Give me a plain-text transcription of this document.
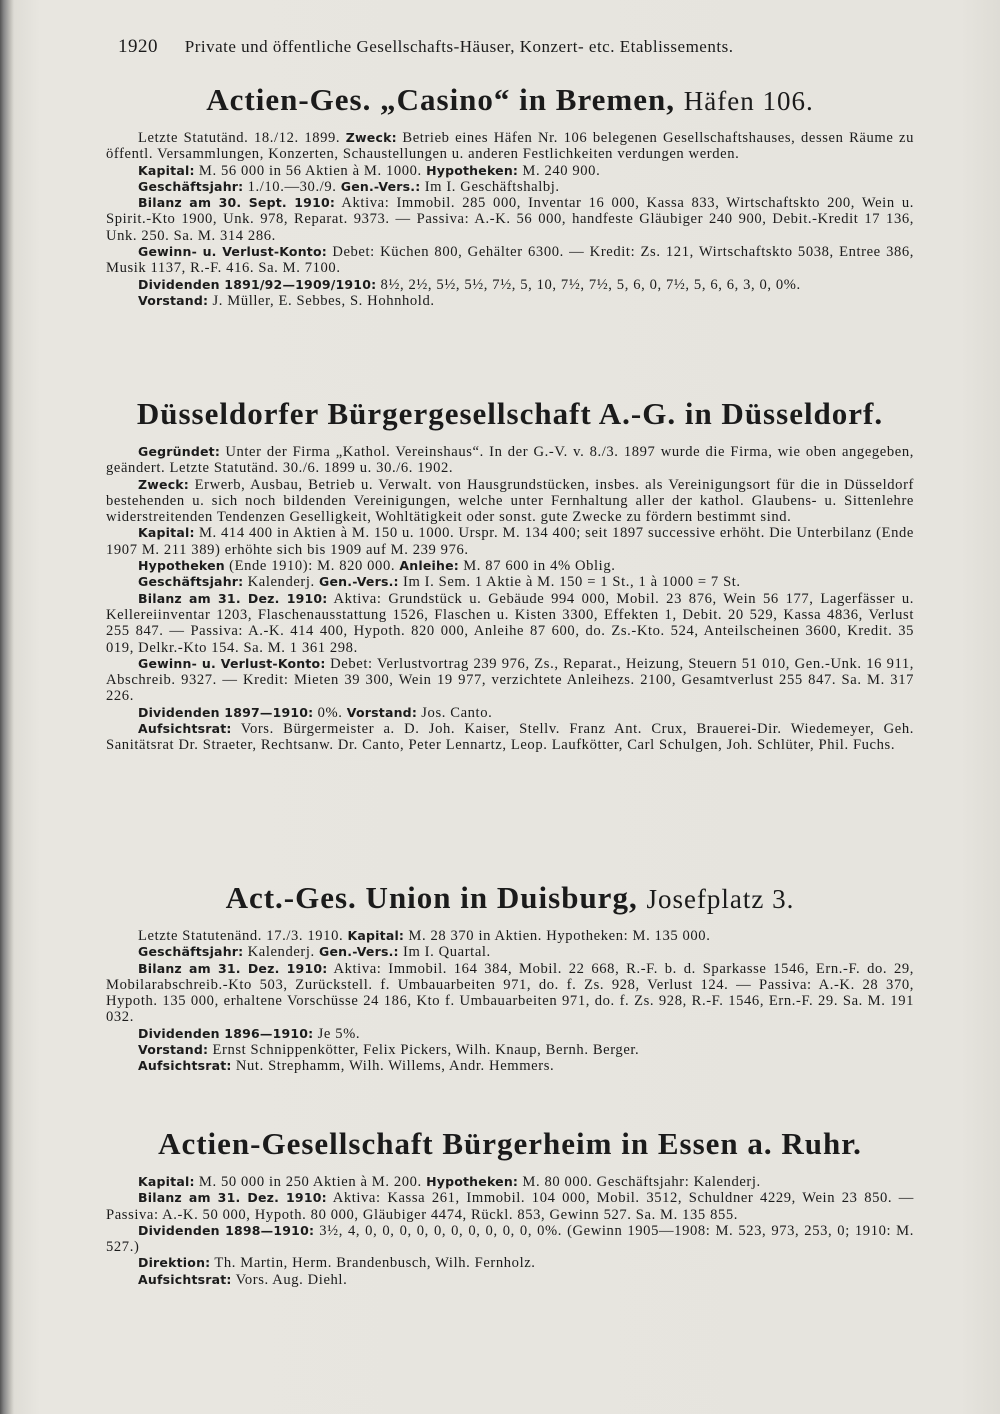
1920 Private und öffentliche Gesellschafts-Häuser, Konzert- etc. Etablissements.
Actien-Ges. „Casino“ in Bremen, Häfen 106.

Letzte Statutänd. 18./12. 1899. Zweck: Betrieb eines Häfen Nr. 106 belegenen Gesellschaftshauses, dessen Räume zu öffentl. Versammlungen, Konzerten, Schaustellungen u. anderen Festlichkeiten verdungen werden.

Kapital: M. 56 000 in 56 Aktien à M. 1000. Hypotheken: M. 240 900.

Geschäftsjahr: 1./10.—30./9. Gen.-Vers.: Im I. Geschäftshalbj.

Bilanz am 30. Sept. 1910: Aktiva: Immobil. 285 000, Inventar 16 000, Kassa 833, Wirtschaftskto 200, Wein u. Spirit.-Kto 1900, Unk. 978, Reparat. 9373. — Passiva: A.-K. 56 000, handfeste Gläubiger 240 900, Debit.-Kredit 17 136, Unk. 250. Sa. M. 314 286.

Gewinn- u. Verlust-Konto: Debet: Küchen 800, Gehälter 6300. — Kredit: Zs. 121, Wirtschaftskto 5038, Entree 386, Musik 1137, R.-F. 416. Sa. M. 7100.

Dividenden 1891/92—1909/1910: 8½, 2½, 5½, 5½, 7½, 5, 10, 7½, 7½, 5, 6, 0, 7½, 5, 6, 6, 3, 0, 0%.

Vorstand: J. Müller, E. Sebbes, S. Hohnhold.

Düsseldorfer Bürgergesellschaft A.-G. in Düsseldorf.

Gegründet: Unter der Firma „Kathol. Vereinshaus“. In der G.-V. v. 8./3. 1897 wurde die Firma, wie oben angegeben, geändert. Letzte Statutänd. 30./6. 1899 u. 30./6. 1902.

Zweck: Erwerb, Ausbau, Betrieb u. Verwalt. von Hausgrundstücken, insbes. als Vereinigungsort für die in Düsseldorf bestehenden u. sich noch bildenden Vereinigungen, welche unter Fernhaltung aller der kathol. Glaubens- u. Sittenlehre widerstreitenden Tendenzen Geselligkeit, Wohltätigkeit oder sonst. gute Zwecke zu fördern bestimmt sind.

Kapital: M. 414 400 in Aktien à M. 150 u. 1000. Urspr. M. 134 400; seit 1897 successive erhöht. Die Unterbilanz (Ende 1907 M. 211 389) erhöhte sich bis 1909 auf M. 239 976.

Hypotheken (Ende 1910): M. 820 000. Anleihe: M. 87 600 in 4% Oblig.

Geschäftsjahr: Kalenderj. Gen.-Vers.: Im I. Sem. 1 Aktie à M. 150 = 1 St., 1 à 1000 = 7 St.

Bilanz am 31. Dez. 1910: Aktiva: Grundstück u. Gebäude 994 000, Mobil. 23 876, Wein 56 177, Lagerfässer u. Kellereiinventar 1203, Flaschenausstattung 1526, Flaschen u. Kisten 3300, Effekten 1, Debit. 20 529, Kassa 4836, Verlust 255 847. — Passiva: A.-K. 414 400, Hypoth. 820 000, Anleihe 87 600, do. Zs.-Kto. 524, Anteilscheinen 3600, Kredit. 35 019, Delkr.-Kto 154. Sa. M. 1 361 298.

Gewinn- u. Verlust-Konto: Debet: Verlustvortrag 239 976, Zs., Reparat., Heizung, Steuern 51 010, Gen.-Unk. 16 911, Abschreib. 9327. — Kredit: Mieten 39 300, Wein 19 977, verzichtete Anleihezs. 2100, Gesamtverlust 255 847. Sa. M. 317 226.

Dividenden 1897—1910: 0%. Vorstand: Jos. Canto.

Aufsichtsrat: Vors. Bürgermeister a. D. Joh. Kaiser, Stellv. Franz Ant. Crux, Brauerei-Dir. Wiedemeyer, Geh. Sanitätsrat Dr. Straeter, Rechtsanw. Dr. Canto, Peter Lennartz, Leop. Laufkötter, Carl Schulgen, Joh. Schlüter, Phil. Fuchs.

Act.-Ges. Union in Duisburg, Josefplatz 3.

Letzte Statutenänd. 17./3. 1910. Kapital: M. 28 370 in Aktien. Hypotheken: M. 135 000.

Geschäftsjahr: Kalenderj. Gen.-Vers.: Im I. Quartal.

Bilanz am 31. Dez. 1910: Aktiva: Immobil. 164 384, Mobil. 22 668, R.-F. b. d. Sparkasse 1546, Ern.-F. do. 29, Mobilarabschreib.-Kto 503, Zurückstell. f. Umbauarbeiten 971, do. f. Zs. 928, Verlust 124. — Passiva: A.-K. 28 370, Hypoth. 135 000, erhaltene Vorschüsse 24 186, Kto f. Umbauarbeiten 971, do. f. Zs. 928, R.-F. 1546, Ern.-F. 29. Sa. M. 191 032.

Dividenden 1896—1910: Je 5%.

Vorstand: Ernst Schnippenkötter, Felix Pickers, Wilh. Knaup, Bernh. Berger.

Aufsichtsrat: Nut. Strephamm, Wilh. Willems, Andr. Hemmers.

Actien-Gesellschaft Bürgerheim in Essen a. Ruhr.

Kapital: M. 50 000 in 250 Aktien à M. 200. Hypotheken: M. 80 000. Geschäftsjahr: Kalenderj.

Bilanz am 31. Dez. 1910: Aktiva: Kassa 261, Immobil. 104 000, Mobil. 3512, Schuldner 4229, Wein 23 850. — Passiva: A.-K. 50 000, Hypoth. 80 000, Gläubiger 4474, Rückl. 853, Gewinn 527. Sa. M. 135 855.

Dividenden 1898—1910: 3½, 4, 0, 0, 0, 0, 0, 0, 0, 0, 0, 0, 0%. (Gewinn 1905—1908: M. 523, 973, 253, 0; 1910: M. 527.)

Direktion: Th. Martin, Herm. Brandenbusch, Wilh. Fernholz.

Aufsichtsrat: Vors. Aug. Diehl.
